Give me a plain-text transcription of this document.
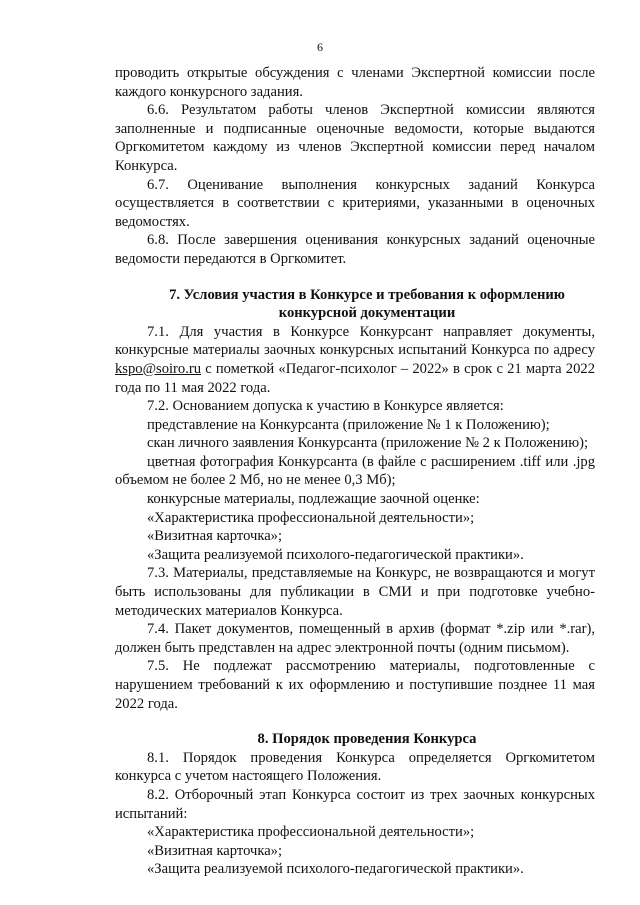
6

проводить открытые обсуждения с членами Экспертной комиссии после каждого конкурсного задания.

6.6. Результатом работы членов Экспертной комиссии являются заполненные и подписанные оценочные ведомости, которые выдаются Оргкомитетом каждому из членов Экспертной комиссии перед началом Конкурса.

6.7. Оценивание выполнения конкурсных заданий Конкурса осуществляется в соответствии с критериями, указанными в оценочных ведомостях.

6.8. После завершения оценивания конкурсных заданий оценочные ведомости передаются в Оргкомитет.

7. Условия участия в Конкурсе и требования к оформлению конкурсной документации

7.1. Для участия в Конкурсе Конкурсант направляет документы, конкурсные материалы заочных конкурсных испытаний Конкурса по адресу kspo@soiro.ru с пометкой «Педагог-психолог – 2022» в срок с 21 марта 2022 года по 11 мая 2022 года.

7.2. Основанием допуска к участию в Конкурсе является:

представление на Конкурсанта (приложение № 1 к Положению);

скан личного заявления Конкурсанта (приложение № 2 к Положению);

цветная фотография Конкурсанта (в файле с расширением .tiff или .jpg объемом не более 2 Мб, но не менее 0,3 Мб);

конкурсные материалы, подлежащие заочной оценке:

«Характеристика профессиональной деятельности»;

«Визитная карточка»;

«Защита реализуемой психолого-педагогической практики».

7.3. Материалы, представляемые на Конкурс, не возвращаются и могут быть использованы для публикации в СМИ и при подготовке учебно-методических материалов Конкурса.

7.4. Пакет документов, помещенный в архив (формат *.zip или *.rar), должен быть представлен на адрес электронной почты (одним письмом).

7.5. Не подлежат рассмотрению материалы, подготовленные с нарушением требований к их оформлению и поступившие позднее 11 мая 2022 года.

8. Порядок проведения Конкурса

8.1. Порядок проведения Конкурса определяется Оргкомитетом конкурса с учетом настоящего Положения.

8.2. Отборочный этап Конкурса состоит из трех заочных конкурсных испытаний:

«Характеристика профессиональной деятельности»;

«Визитная карточка»;

«Защита реализуемой психолого-педагогической практики».
